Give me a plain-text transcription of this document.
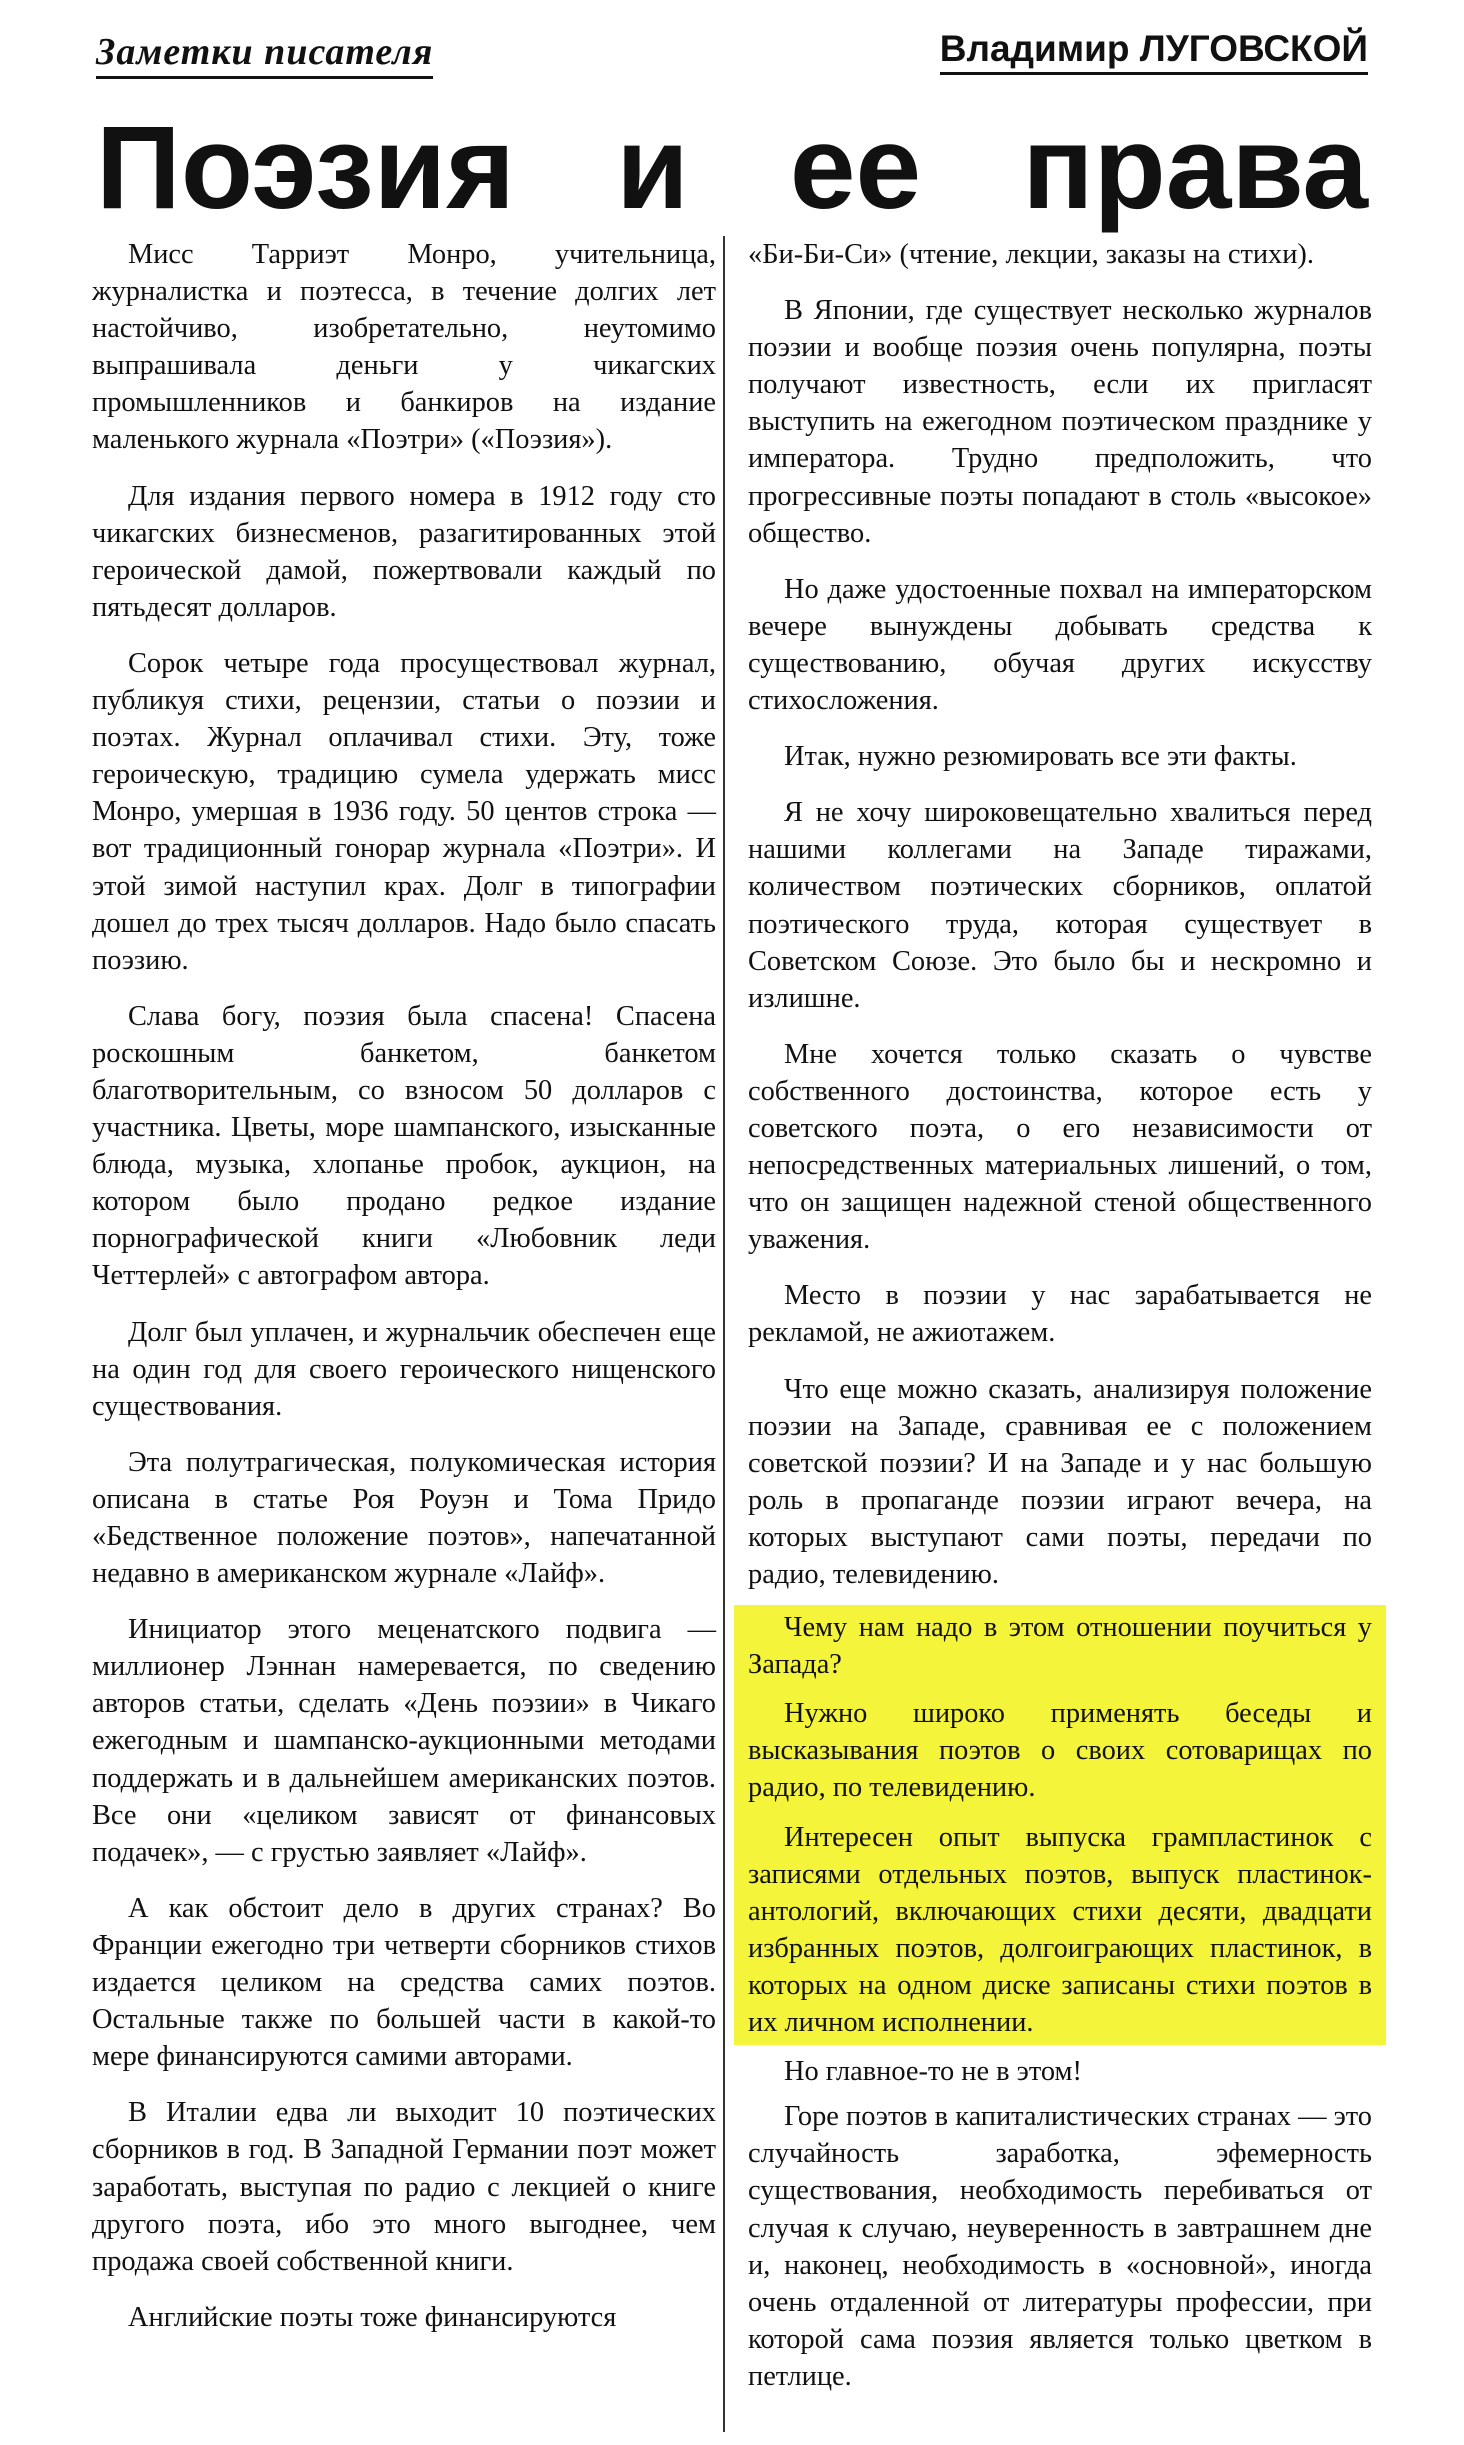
Заметки писателя	Владимир ЛУГОВСКОЙ
Поэзия и ее права

Мисс Тарриэт Монро, учительница, журналистка и поэтесса, в течение долгих лет настойчиво, изобретательно, неутомимо выпрашивала деньги у чикагских промышленников и банкиров на издание маленького журнала «Поэтри» («Поэзия»).

Для издания первого номера в 1912 году сто чикагских бизнесменов, разагитированных этой героической дамой, пожертвовали каждый по пятьдесят долларов.

Сорок четыре года просуществовал журнал, публикуя стихи, рецензии, статьи о поэзии и поэтах. Журнал оплачивал стихи. Эту, тоже героическую, традицию сумела удержать мисс Монро, умершая в 1936 году. 50 центов строка — вот традиционный гонорар журнала «Поэтри». И этой зимой наступил крах. Долг в типографии дошел до трех тысяч долларов. Надо было спасать поэзию.

Слава богу, поэзия была спасена! Спасена роскошным банкетом, банкетом благотворительным, со взносом 50 долларов с участника. Цветы, море шампанского, изысканные блюда, музыка, хлопанье пробок, аукцион, на котором было продано редкое издание порнографической книги «Любовник леди Четтерлей» с автографом автора.

Долг был уплачен, и журнальчик обеспечен еще на один год для своего героического нищенского существования.

Эта полутрагическая, полукомическая история описана в статье Роя Роуэн и Тома Придо «Бедственное положение поэтов», напечатанной недавно в американском журнале «Лайф».

Инициатор этого меценатского подвига — миллионер Лэннан намеревается, по сведению авторов статьи, сделать «День поэзии» в Чикаго ежегодным и шампанско-аукционными методами поддержать и в дальнейшем американских поэтов. Все они «целиком зависят от финансовых подачек», — с грустью заявляет «Лайф».

А как обстоит дело в других странах? Во Франции ежегодно три четверти сборников стихов издается целиком на средства самих поэтов. Остальные также по большей части в какой-то мере финансируются самими авторами.

В Италии едва ли выходит 10 поэтических сборников в год. В Западной Германии поэт может заработать, выступая по радио с лекцией о книге другого поэта, ибо это много выгоднее, чем продажа своей собственной книги.

Английские поэты тоже финансируются

«Би-Би-Си» (чтение, лекции, заказы на стихи).

В Японии, где существует несколько журналов поэзии и вообще поэзия очень популярна, поэты получают известность, если их пригласят выступить на ежегодном поэтическом празднике у императора. Трудно предположить, что прогрессивные поэты попадают в столь «высокое» общество.

Но даже удостоенные похвал на императорском вечере вынуждены добывать средства к существованию, обучая других искусству стихосложения.

Итак, нужно резюмировать все эти факты.

Я не хочу широковещательно хвалиться перед нашими коллегами на Западе тиражами, количеством поэтических сборников, оплатой поэтического труда, которая существует в Советском Союзе. Это было бы и нескромно и излишне.

Мне хочется только сказать о чувстве собственного достоинства, которое есть у советского поэта, о его независимости от непосредственных материальных лишений, о том, что он защищен надежной стеной общественного уважения.

Место в поэзии у нас зарабатывается не рекламой, не ажиотажем.

Что еще можно сказать, анализируя положение поэзии на Западе, сравнивая ее с положением советской поэзии? И на Западе и у нас большую роль в пропаганде поэзии играют вечера, на которых выступают сами поэты, передачи по радио, телевидению.

Чему нам надо в этом отношении поучиться у Запада?

Нужно широко применять беседы и высказывания поэтов о своих сотоварищах по радио, по телевидению.

Интересен опыт выпуска грампластинок с записями отдельных поэтов, выпуск пластинок-антологий, включающих стихи десяти, двадцати избранных поэтов, долгоиграющих пластинок, в которых на одном диске записаны стихи поэтов в их личном исполнении.

Но главное-то не в этом!

Горе поэтов в капиталистических странах — это случайность заработка, эфемерность существования, необходимость перебиваться от случая к случаю, неуверенность в завтрашнем дне и, наконец, необходимость в «основной», иногда очень отдаленной от литературы профессии, при которой сама поэзия является только цветком в петлице.
